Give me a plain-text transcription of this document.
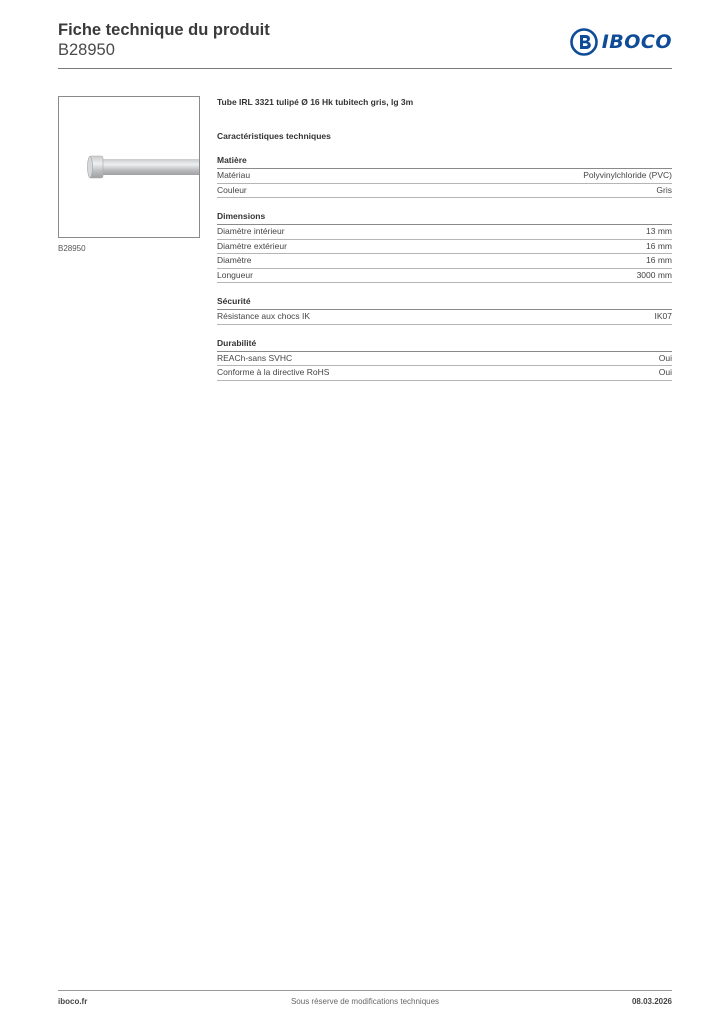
Fiche technique du produit

B28950	IBOCO
B28950

Tube IRL 3321 tulipé Ø 16 Hk tubitech gris, lg 3m

Caractéristiques techniques

Matière
Matériau	Polyvinylchloride (PVC)
Couleur	Gris
Dimensions
Diamètre intérieur	13 mm
Diamètre extérieur	16 mm
Diamètre	16 mm
Longueur	3000 mm
Sécurité
Résistance aux chocs IK	IK07
Durabilité
REACh-sans SVHC	Oui
Conforme à la directive RoHS	Oui
iboco.fr	Sous réserve de modifications techniques	08.03.2026
